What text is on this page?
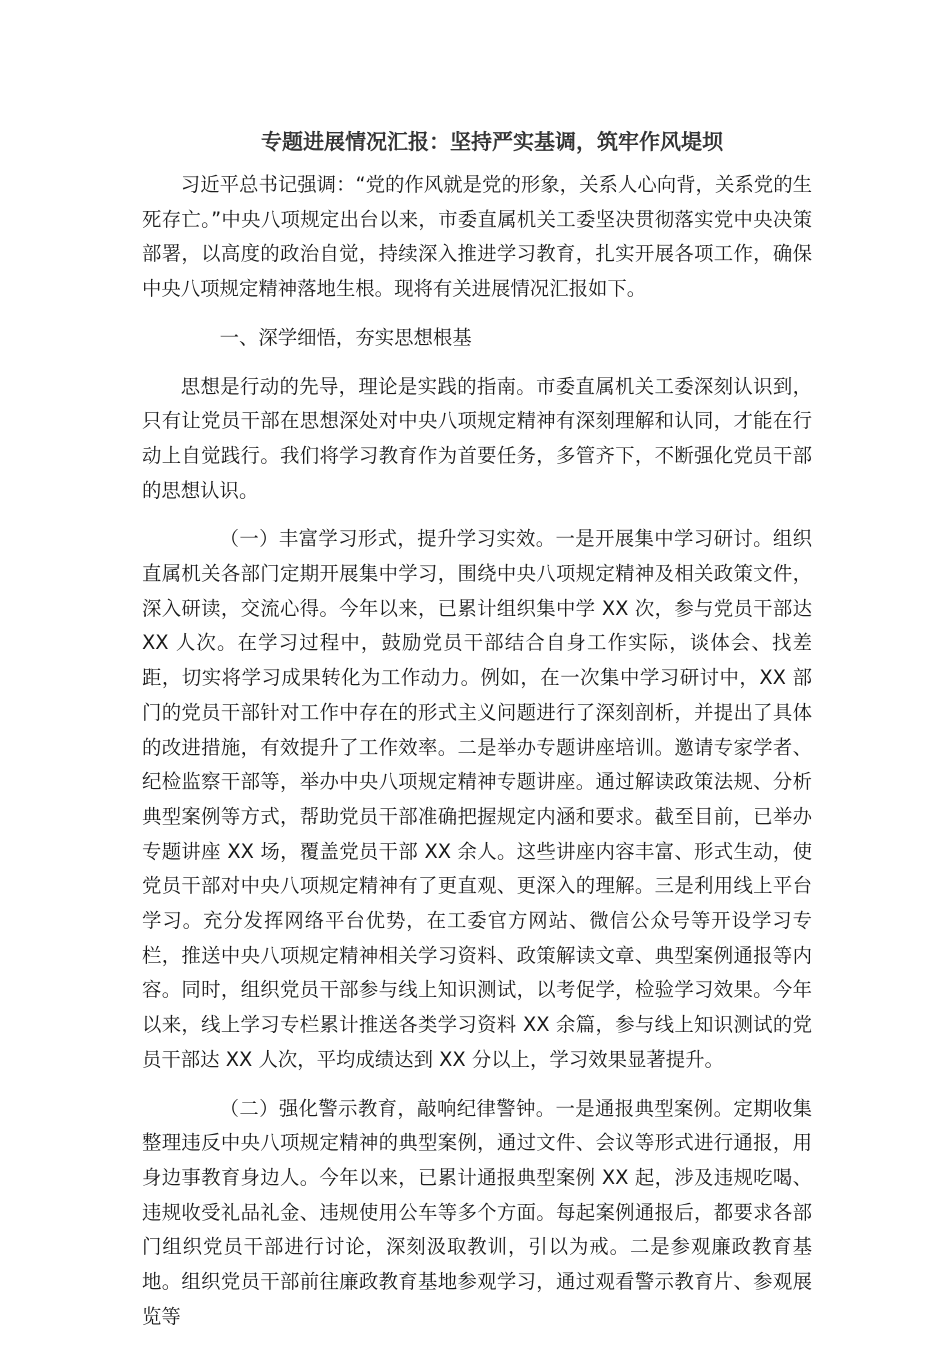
专题进展情况汇报：坚持严实基调，筑牢作风堤坝

习近平总书记强调：“党的作风就是党的形象，关系人心向背，关系党的生死存亡。”中央八项规定出台以来，市委直属机关工委坚决贯彻落实党中央决策部署，以高度的政治自觉，持续深入推进学习教育，扎实开展各项工作，确保中央八项规定精神落地生根。现将有关进展情况汇报如下。

一、深学细悟，夯实思想根基

思想是行动的先导，理论是实践的指南。市委直属机关工委深刻认识到，只有让党员干部在思想深处对中央八项规定精神有深刻理解和认同，才能在行动上自觉践行。我们将学习教育作为首要任务，多管齐下，不断强化党员干部的思想认识。

（一）丰富学习形式，提升学习实效。一是开展集中学习研讨。组织直属机关各部门定期开展集中学习，围绕中央八项规定精神及相关政策文件，深入研读，交流心得。今年以来，已累计组织集中学 XX 次，参与党员干部达 XX 人次。在学习过程中，鼓励党员干部结合自身工作实际，谈体会、找差距，切实将学习成果转化为工作动力。例如，在一次集中学习研讨中，XX 部门的党员干部针对工作中存在的形式主义问题进行了深刻剖析，并提出了具体的改进措施，有效提升了工作效率。二是举办专题讲座培训。邀请专家学者、纪检监察干部等，举办中央八项规定精神专题讲座。通过解读政策法规、分析典型案例等方式，帮助党员干部准确把握规定内涵和要求。截至目前，已举办专题讲座 XX 场，覆盖党员干部 XX 余人。这些讲座内容丰富、形式生动，使党员干部对中央八项规定精神有了更直观、更深入的理解。三是利用线上平台学习。充分发挥网络平台优势，在工委官方网站、微信公众号等开设学习专栏，推送中央八项规定精神相关学习资料、政策解读文章、典型案例通报等内容。同时，组织党员干部参与线上知识测试，以考促学，检验学习效果。今年以来，线上学习专栏累计推送各类学习资料 XX 余篇，参与线上知识测试的党员干部达 XX 人次，平均成绩达到 XX 分以上，学习效果显著提升。

（二）强化警示教育，敲响纪律警钟。一是通报典型案例。定期收集整理违反中央八项规定精神的典型案例，通过文件、会议等形式进行通报，用身边事教育身边人。今年以来，已累计通报典型案例 XX 起，涉及违规吃喝、违规收受礼品礼金、违规使用公车等多个方面。每起案例通报后，都要求各部门组织党员干部进行讨论，深刻汲取教训，引以为戒。二是参观廉政教育基地。组织党员干部前往廉政教育基地参观学习，通过观看警示教育片、参观展览等
